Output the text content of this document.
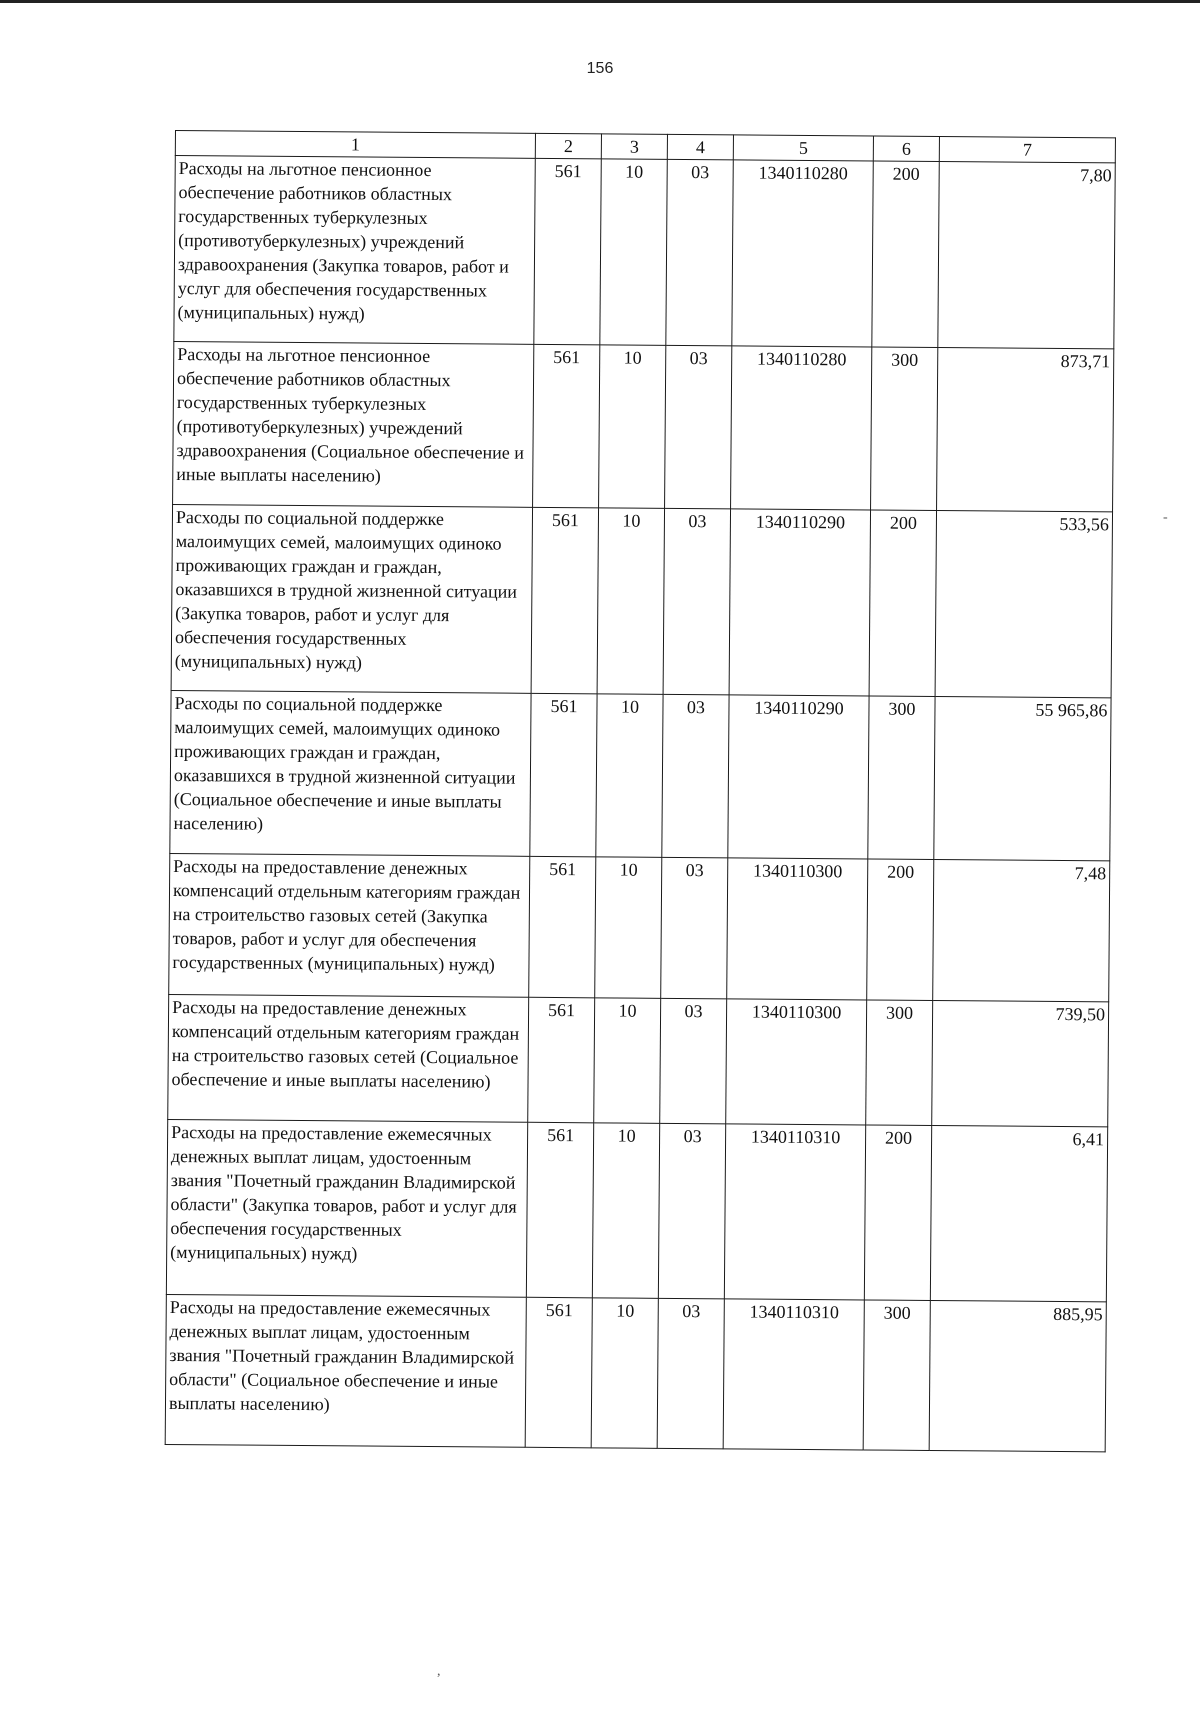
156
1	2	3	4	5	6	7
Расходы на льготное пенсионное обеспечение работников областных государственных туберкулезных (противотуберкулезных) учреждений здравоохранения (Закупка товаров, работ и услуг для обеспечения государственных (муниципальных) нужд)	561	10	03	1340110280	200	7,80
Расходы на льготное пенсионное обеспечение работников областных государственных туберкулезных (противотуберкулезных) учреждений здравоохранения (Социальное обеспечение и иные выплаты населению)	561	10	03	1340110280	300	873,71
Расходы по социальной поддержке малоимущих семей, малоимущих одиноко проживающих граждан и граждан, оказавшихся в трудной жизненной ситуации (Закупка товаров, работ и услуг для обеспечения государственных (муниципальных) нужд)	561	10	03	1340110290	200	533,56
Расходы по социальной поддержке малоимущих семей, малоимущих одиноко проживающих граждан и граждан, оказавшихся в трудной жизненной ситуации (Социальное обеспечение и иные выплаты населению)	561	10	03	1340110290	300	55 965,86
Расходы на предоставление денежных компенсаций отдельным категориям граждан на строительство газовых сетей (Закупка товаров, работ и услуг для обеспечения государственных (муниципальных) нужд)	561	10	03	1340110300	200	7,48
Расходы на предоставление денежных компенсаций отдельным категориям граждан на строительство газовых сетей (Социальное обеспечение и иные выплаты населению)	561	10	03	1340110300	300	739,50
Расходы на предоставление ежемесячных денежных выплат лицам, удостоенным звания "Почетный гражданин Владимирской области" (Закупка товаров, работ и услуг для обеспечения государственных (муниципальных) нужд)	561	10	03	1340110310	200	6,41
Расходы на предоставление ежемесячных денежных выплат лицам, удостоенным звания "Почетный гражданин Владимирской области" (Социальное обеспечение и иные выплаты населению)	561	10	03	1340110310	300	885,95
-
,
